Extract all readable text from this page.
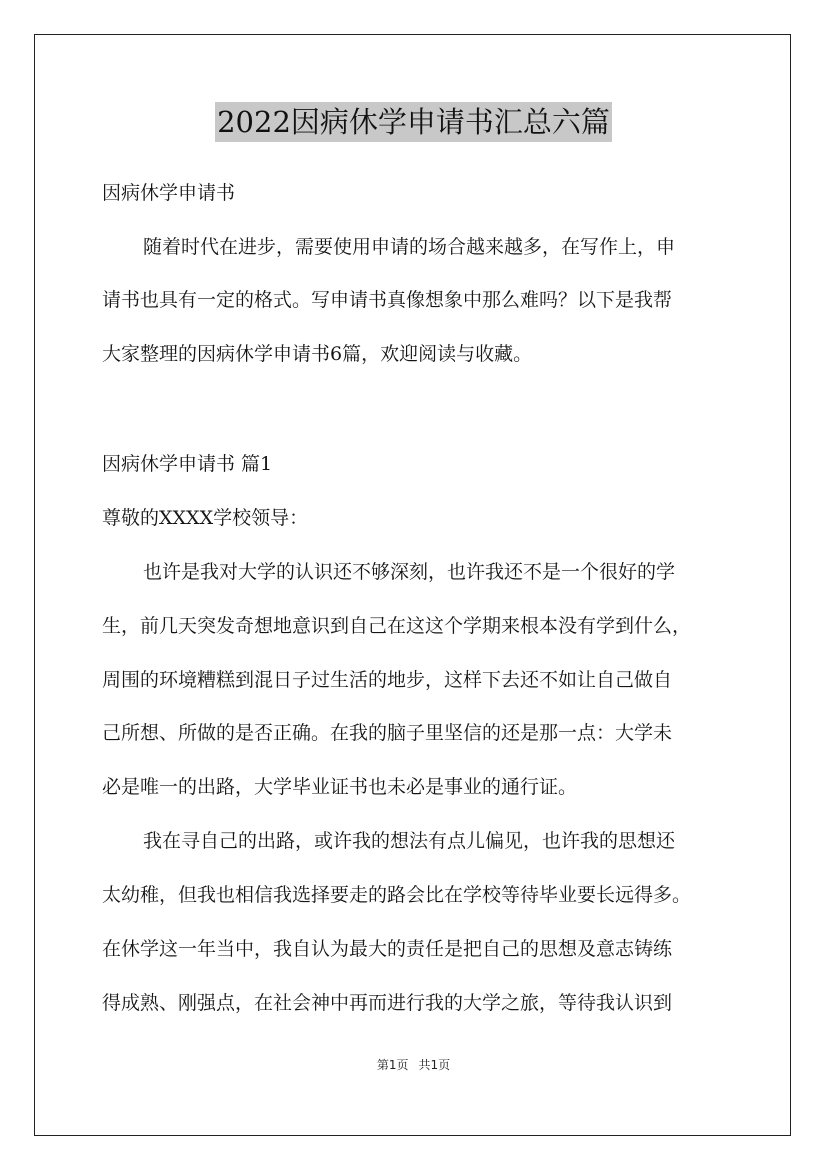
2022因病休学申请书汇总六篇
因病休学申请书
随着时代在进步，需要使用申请的场合越来越多，在写作上，申
请书也具有一定的格式。写申请书真像想象中那么难吗？以下是我帮
大家整理的因病休学申请书6篇，欢迎阅读与收藏。
因病休学申请书 篇1
尊敬的XXXX学校领导：
也许是我对大学的认识还不够深刻，也许我还不是一个很好的学
生，前几天突发奇想地意识到自己在这这个学期来根本没有学到什么，
周围的环境糟糕到混日子过生活的地步，这样下去还不如让自己做自
己所想、所做的是否正确。在我的脑子里坚信的还是那一点：大学未
必是唯一的出路，大学毕业证书也未必是事业的通行证。
我在寻自己的出路，或许我的想法有点儿偏见，也许我的思想还
太幼稚，但我也相信我选择要走的路会比在学校等待毕业要长远得多。
在休学这一年当中，我自认为最大的责任是把自己的思想及意志铸练
得成熟、刚强点，在社会神中再而进行我的大学之旅，等待我认识到
第1页 共1页
